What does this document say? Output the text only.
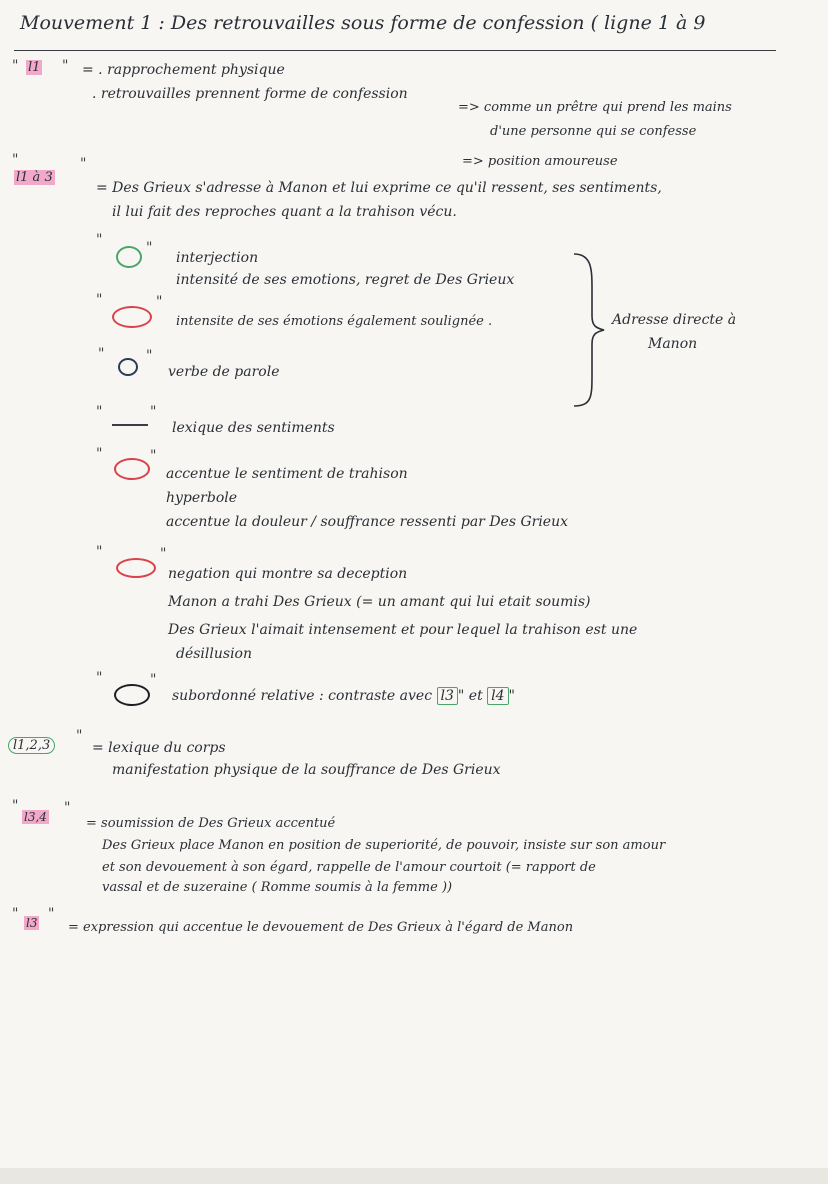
Mouvement 1 : Des retrouvailles sous forme de confession ( ligne 1 à 9
" l1 " = . rapprochement physique
. retrouvailles prennent forme de confession
=> comme un prêtre qui prend les mains
d'une personne qui se confesse
=> position amoureuse
"
l1 à 3
"
= Des Grieux s'adresse à Manon et lui exprime ce qu'il ressent, ses sentiments,
il lui fait des reproches quant a la trahison vécu.
"	"
interjection
intensité de ses emotions, regret de Des Grieux
"	"
intensite de ses émotions également soulignée .
"	"
verbe de parole
"	"
lexique des sentiments
"	"
accentue le sentiment de trahison
hyperbole
accentue la douleur / souffrance ressenti par Des Grieux
"	"
negation qui montre sa deception
Manon a trahi Des Grieux (= un amant qui lui etait soumis)
Des Grieux l'aimait intensement et pour lequel la trahison est une
désillusion
"	"
subordonné relative : contraste avec l3 " et l4 "
Adresse directe à
Manon
l1,2,3
"
= lexique du corps
manifestation physique de la souffrance de Des Grieux
"
l3,4
"
= soumission de Des Grieux accentué
Des Grieux place Manon en position de superiorité, de pouvoir, insiste sur son amour
et son devouement à son égard, rappelle de l'amour courtoit (= rapport de
vassal et de suzeraine ( Romme soumis à la femme ))
"
l3
"
= expression qui accentue le devouement de Des Grieux à l'égard de Manon
